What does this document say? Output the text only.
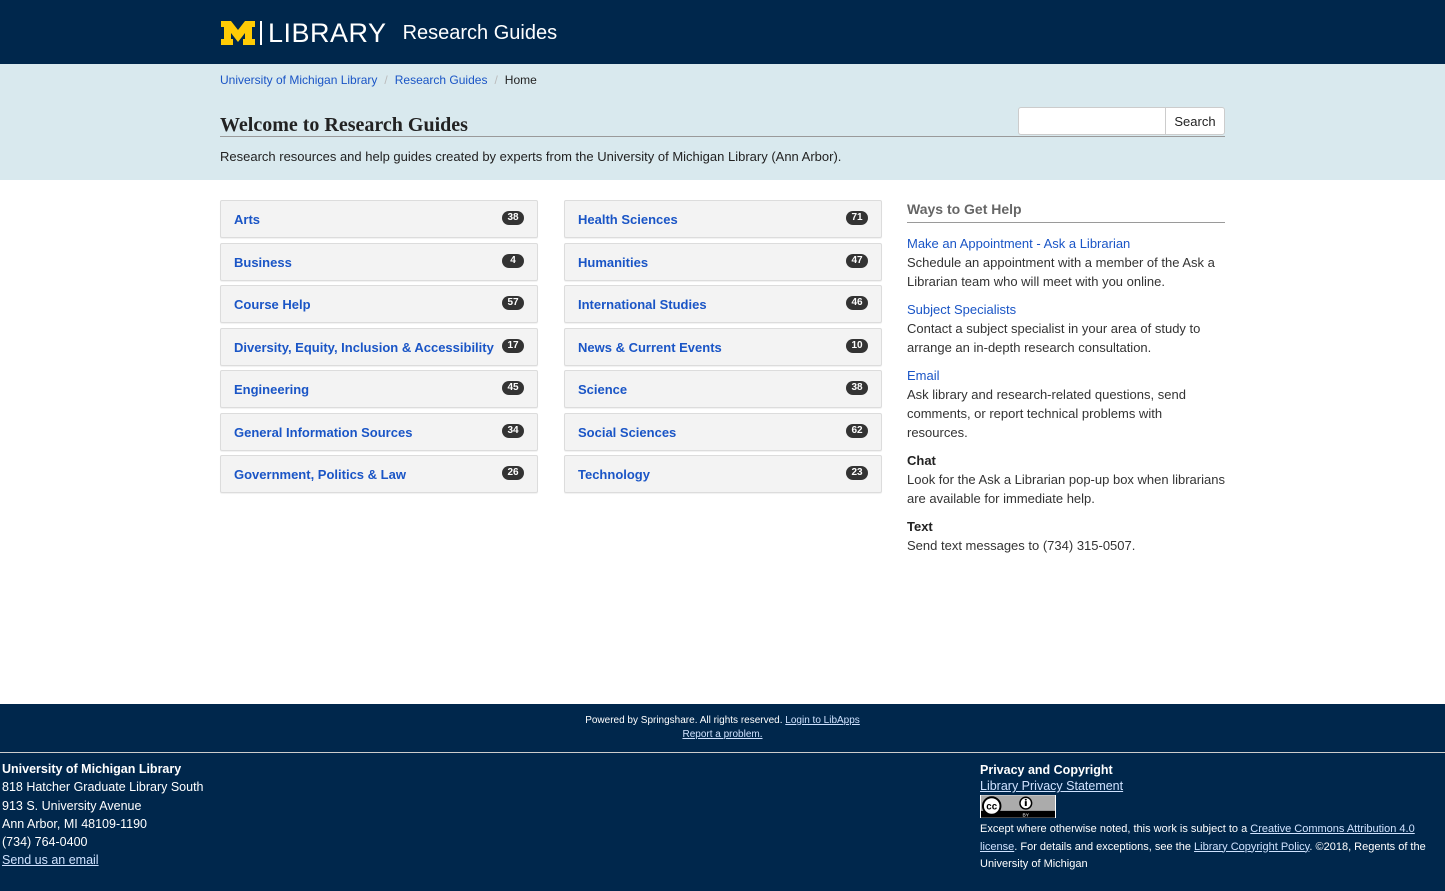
LIBRARY Research Guides
University of Michigan Library / Research Guides / Home
Welcome to Research Guides	Search

Research resources and help guides created by experts from the University of Michigan Library (Ann Arbor).

Arts	38
Business	4
Course Help	57
Diversity, Equity, Inclusion & Accessibility	17
Engineering	45
General Information Sources	34
Government, Politics & Law	26
Health Sciences	71
Humanities	47
International Studies	46
News & Current Events	10
Science	38
Social Sciences	62
Technology	23
Ways to Get Help
Make an Appointment - Ask a Librarian

Schedule an appointment with a member of the Ask a Librarian team who will meet with you online.

Subject Specialists

Contact a subject specialist in your area of study to arrange an in-depth research consultation.

Email

Ask library and research-related questions, send comments, or report technical problems with resources.

Chat

Look for the Ask a Librarian pop-up box when librarians are available for immediate help.

Text

Send text messages to (734) 315-0507.

Powered by Springshare. All rights reserved. Login to LibApps
Report a problem.
University of Michigan Library
818 Hatcher Graduate Library South
913 S. University Avenue
Ann Arbor, MI 48109-1190
(734) 764-0400
Send us an email
Privacy and Copyright
Library Privacy Statement
cc
BY
Except where otherwise noted, this work is subject to a Creative Commons Attribution 4.0 license. For details and exceptions, see the Library Copyright Policy. ©2018, Regents of the University of Michigan
